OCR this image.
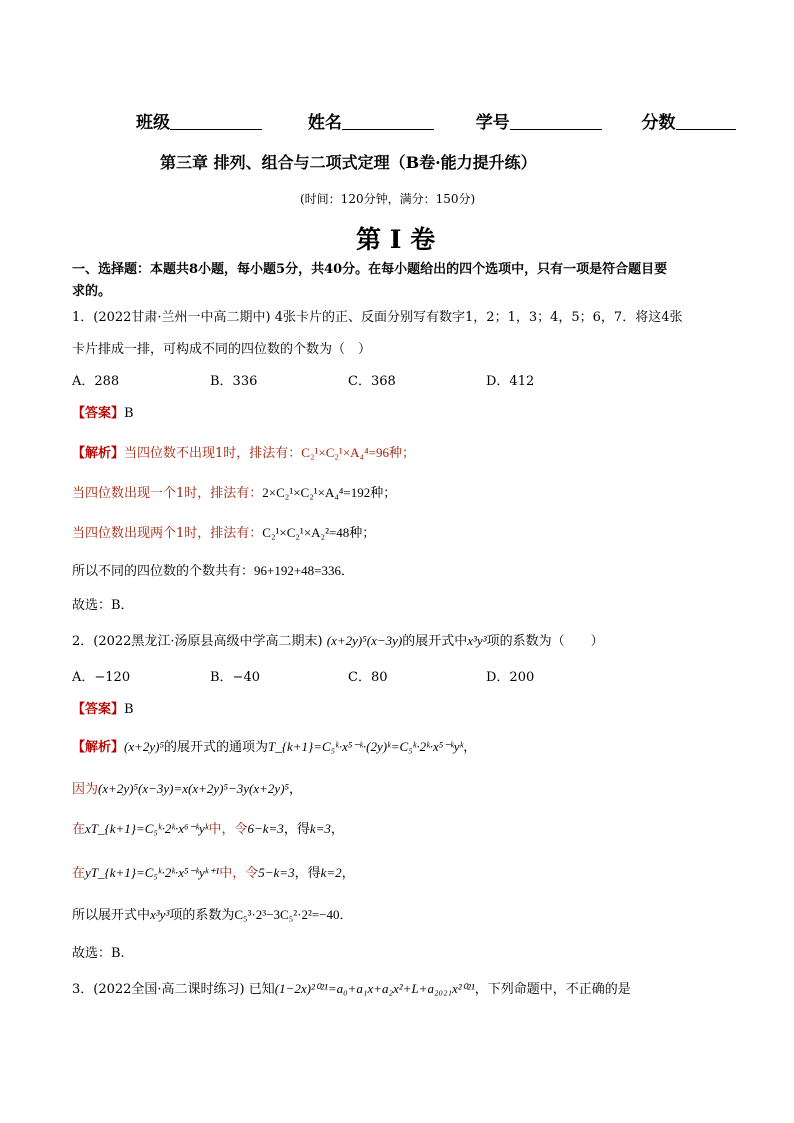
班级	姓名	学号	分数
第三章 排列、组合与二项式定理（B卷·能力提升练）
(时间：120分钟，满分：150分)
第 I 卷
一、选择题：本题共8小题，每小题5分，共40分。在每小题给出的四个选项中，只有一项是符合题目要
求的。
1．(2022甘肃·兰州一中高二期中) 4张卡片的正、反面分别写有数字1，2；1，3；4，5；6，7．将这4张
卡片排成一排，可构成不同的四位数的个数为（　）
A．288	B．336	C．368	D．412
【答案】B
【解析】当四位数不出现1时，排法有：C₂¹×C₂¹×A₄⁴=96种；
当四位数出现一个1时，排法有：2×C₂¹×C₂¹×A₄⁴=192种；
当四位数出现两个1时，排法有：C₂¹×C₂¹×A₂²=48种；
所以不同的四位数的个数共有：96+192+48=336．
故选：B．
2．(2022黑龙江·汤原县高级中学高二期末) (x+2y)⁵(x−3y)的展开式中x³y³项的系数为（　　）
A．−120	B．−40	C．80	D．200
【答案】B
【解析】(x+2y)⁵的展开式的通项为T_{k+1}=C₅ᵏ·x⁵⁻ᵏ·(2y)ᵏ=C₅ᵏ·2ᵏ·x⁵⁻ᵏyᵏ，
因为(x+2y)⁵(x−3y)=x(x+2y)⁵−3y(x+2y)⁵，
在xT_{k+1}=C₅ᵏ·2ᵏ·x⁶⁻ᵏyᵏ中，令6−k=3，得k=3，
在yT_{k+1}=C₅ᵏ·2ᵏ·x⁵⁻ᵏyᵏ⁺¹中，令5−k=3，得k=2，
所以展开式中x³y³项的系数为C₅³·2³−3C₅²·2²=−40．
故选：B.
3．(2022全国·高二课时练习) 已知(1−2x)²⁰²¹=a₀+a₁x+a₂x²+L+a₂₀₂₁x²⁰²¹，下列命题中，不正确的是
